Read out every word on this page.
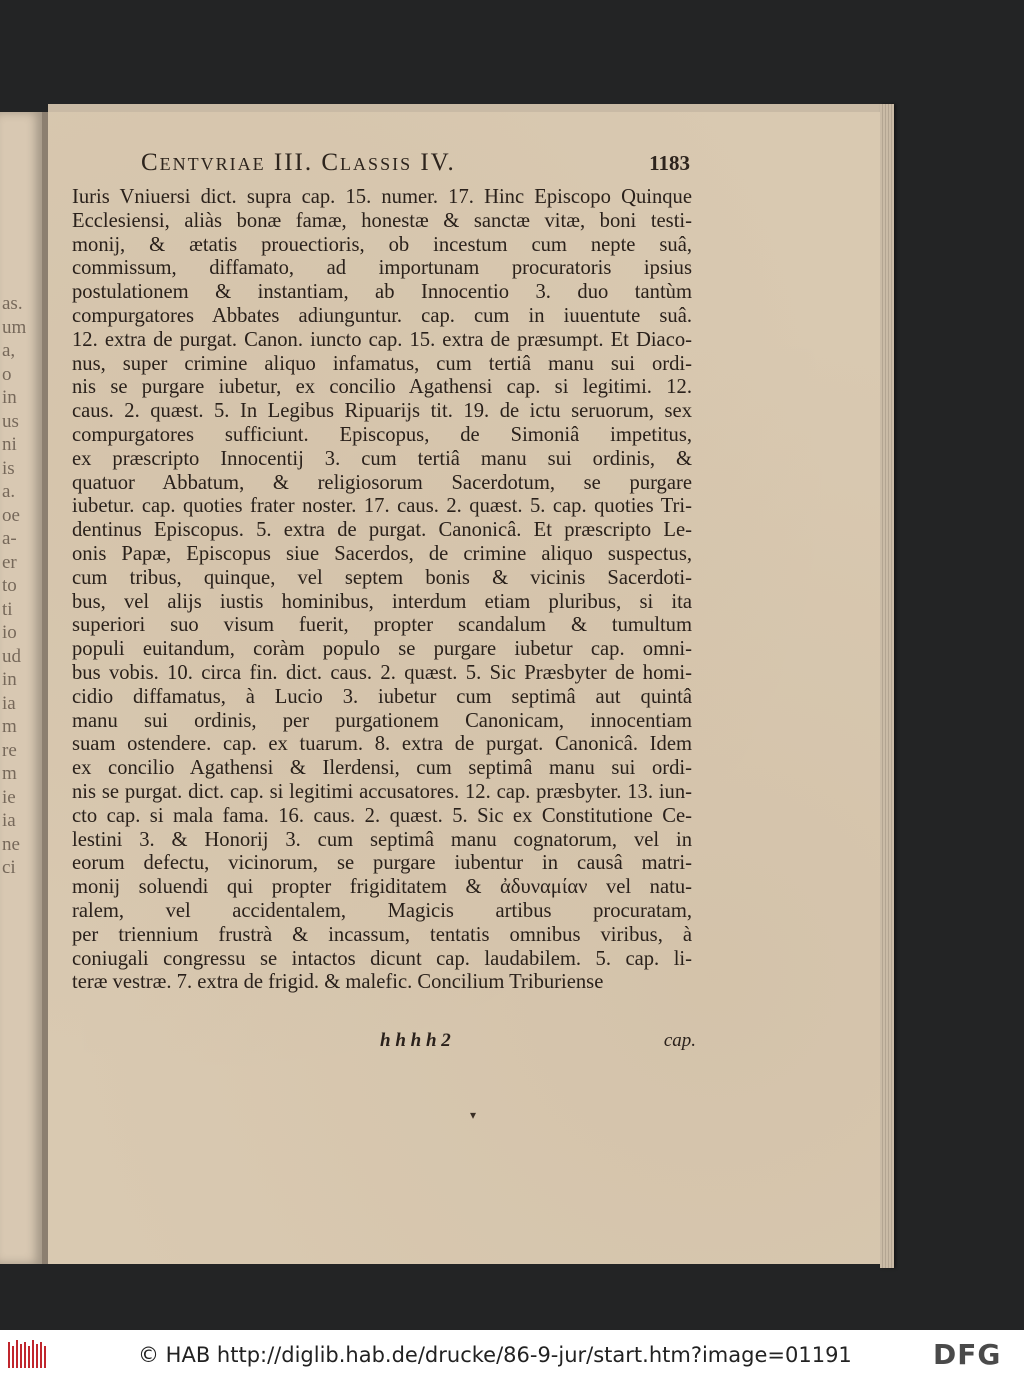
as.
um
a,
o
in
us
ni
is
a.
oe
a-
er
to
ti
io
ud
in
ia
m
re
m
ie
ia
ne
ci
Centvriae III. Classis IV.	1183
Iuris Vniuersi dict. supra cap. 15. numer. 17. Hinc Episcopo Quinque
Ecclesiensi, aliàs bonæ famæ, honestæ & sanctæ vitæ, boni testi-
monij, & ætatis prouectioris, ob incestum cum nepte suâ,
commissum, diffamato, ad importunam procuratoris ipsius
postulationem & instantiam, ab Innocentio 3. duo tantùm
compurgatores Abbates adiunguntur. cap. cum in iuuentute suâ.
12. extra de purgat. Canon. iuncto cap. 15. extra de præsumpt. Et Diaco-
nus, super crimine aliquo infamatus, cum tertiâ manu sui ordi-
nis se purgare iubetur, ex concilio Agathensi cap. si legitimi. 12.
caus. 2. quæst. 5. In Legibus Ripuarijs tit. 19. de ictu seruorum, sex
compurgatores sufficiunt. Episcopus, de Simoniâ impetitus,
ex præscripto Innocentij 3. cum tertiâ manu sui ordinis, &
quatuor Abbatum, & religiosorum Sacerdotum, se purgare
iubetur. cap. quoties frater noster. 17. caus. 2. quæst. 5. cap. quoties Tri-
dentinus Episcopus. 5. extra de purgat. Canonicâ. Et præscripto Le-
onis Papæ, Episcopus siue Sacerdos, de crimine aliquo suspectus,
cum tribus, quinque, vel septem bonis & vicinis Sacerdoti-
bus, vel alijs iustis hominibus, interdum etiam pluribus, si ita
superiori suo visum fuerit, propter scandalum & tumultum
populi euitandum, coràm populo se purgare iubetur cap. omni-
bus vobis. 10. circa fin. dict. caus. 2. quæst. 5. Sic Præsbyter de homi-
cidio diffamatus, à Lucio 3. iubetur cum septimâ aut quintâ
manu sui ordinis, per purgationem Canonicam, innocentiam
suam ostendere. cap. ex tuarum. 8. extra de purgat. Canonicâ. Idem
ex concilio Agathensi & Ilerdensi, cum septimâ manu sui ordi-
nis se purgat. dict. cap. si legitimi accusatores. 12. cap. præsbyter. 13. iun-
cto cap. si mala fama. 16. caus. 2. quæst. 5. Sic ex Constitutione Ce-
lestini 3. & Honorij 3. cum septimâ manu cognatorum, vel in
eorum defectu, vicinorum, se purgare iubentur in causâ matri-
monij soluendi qui propter frigiditatem & ἀδυναμίαν vel natu-
ralem, vel accidentalem, Magicis artibus procuratam,
per triennium frustrà & incassum, tentatis omnibus viribus, à
coniugali congressu se intactos dicunt cap. laudabilem. 5. cap. li-
teræ vestræ. 7. extra de frigid. & malefic. Concilium Triburiense
h h h h 2	cap.
▾
© HAB http://diglib.hab.de/drucke/86-9-jur/start.htm?image=01191	DFG
